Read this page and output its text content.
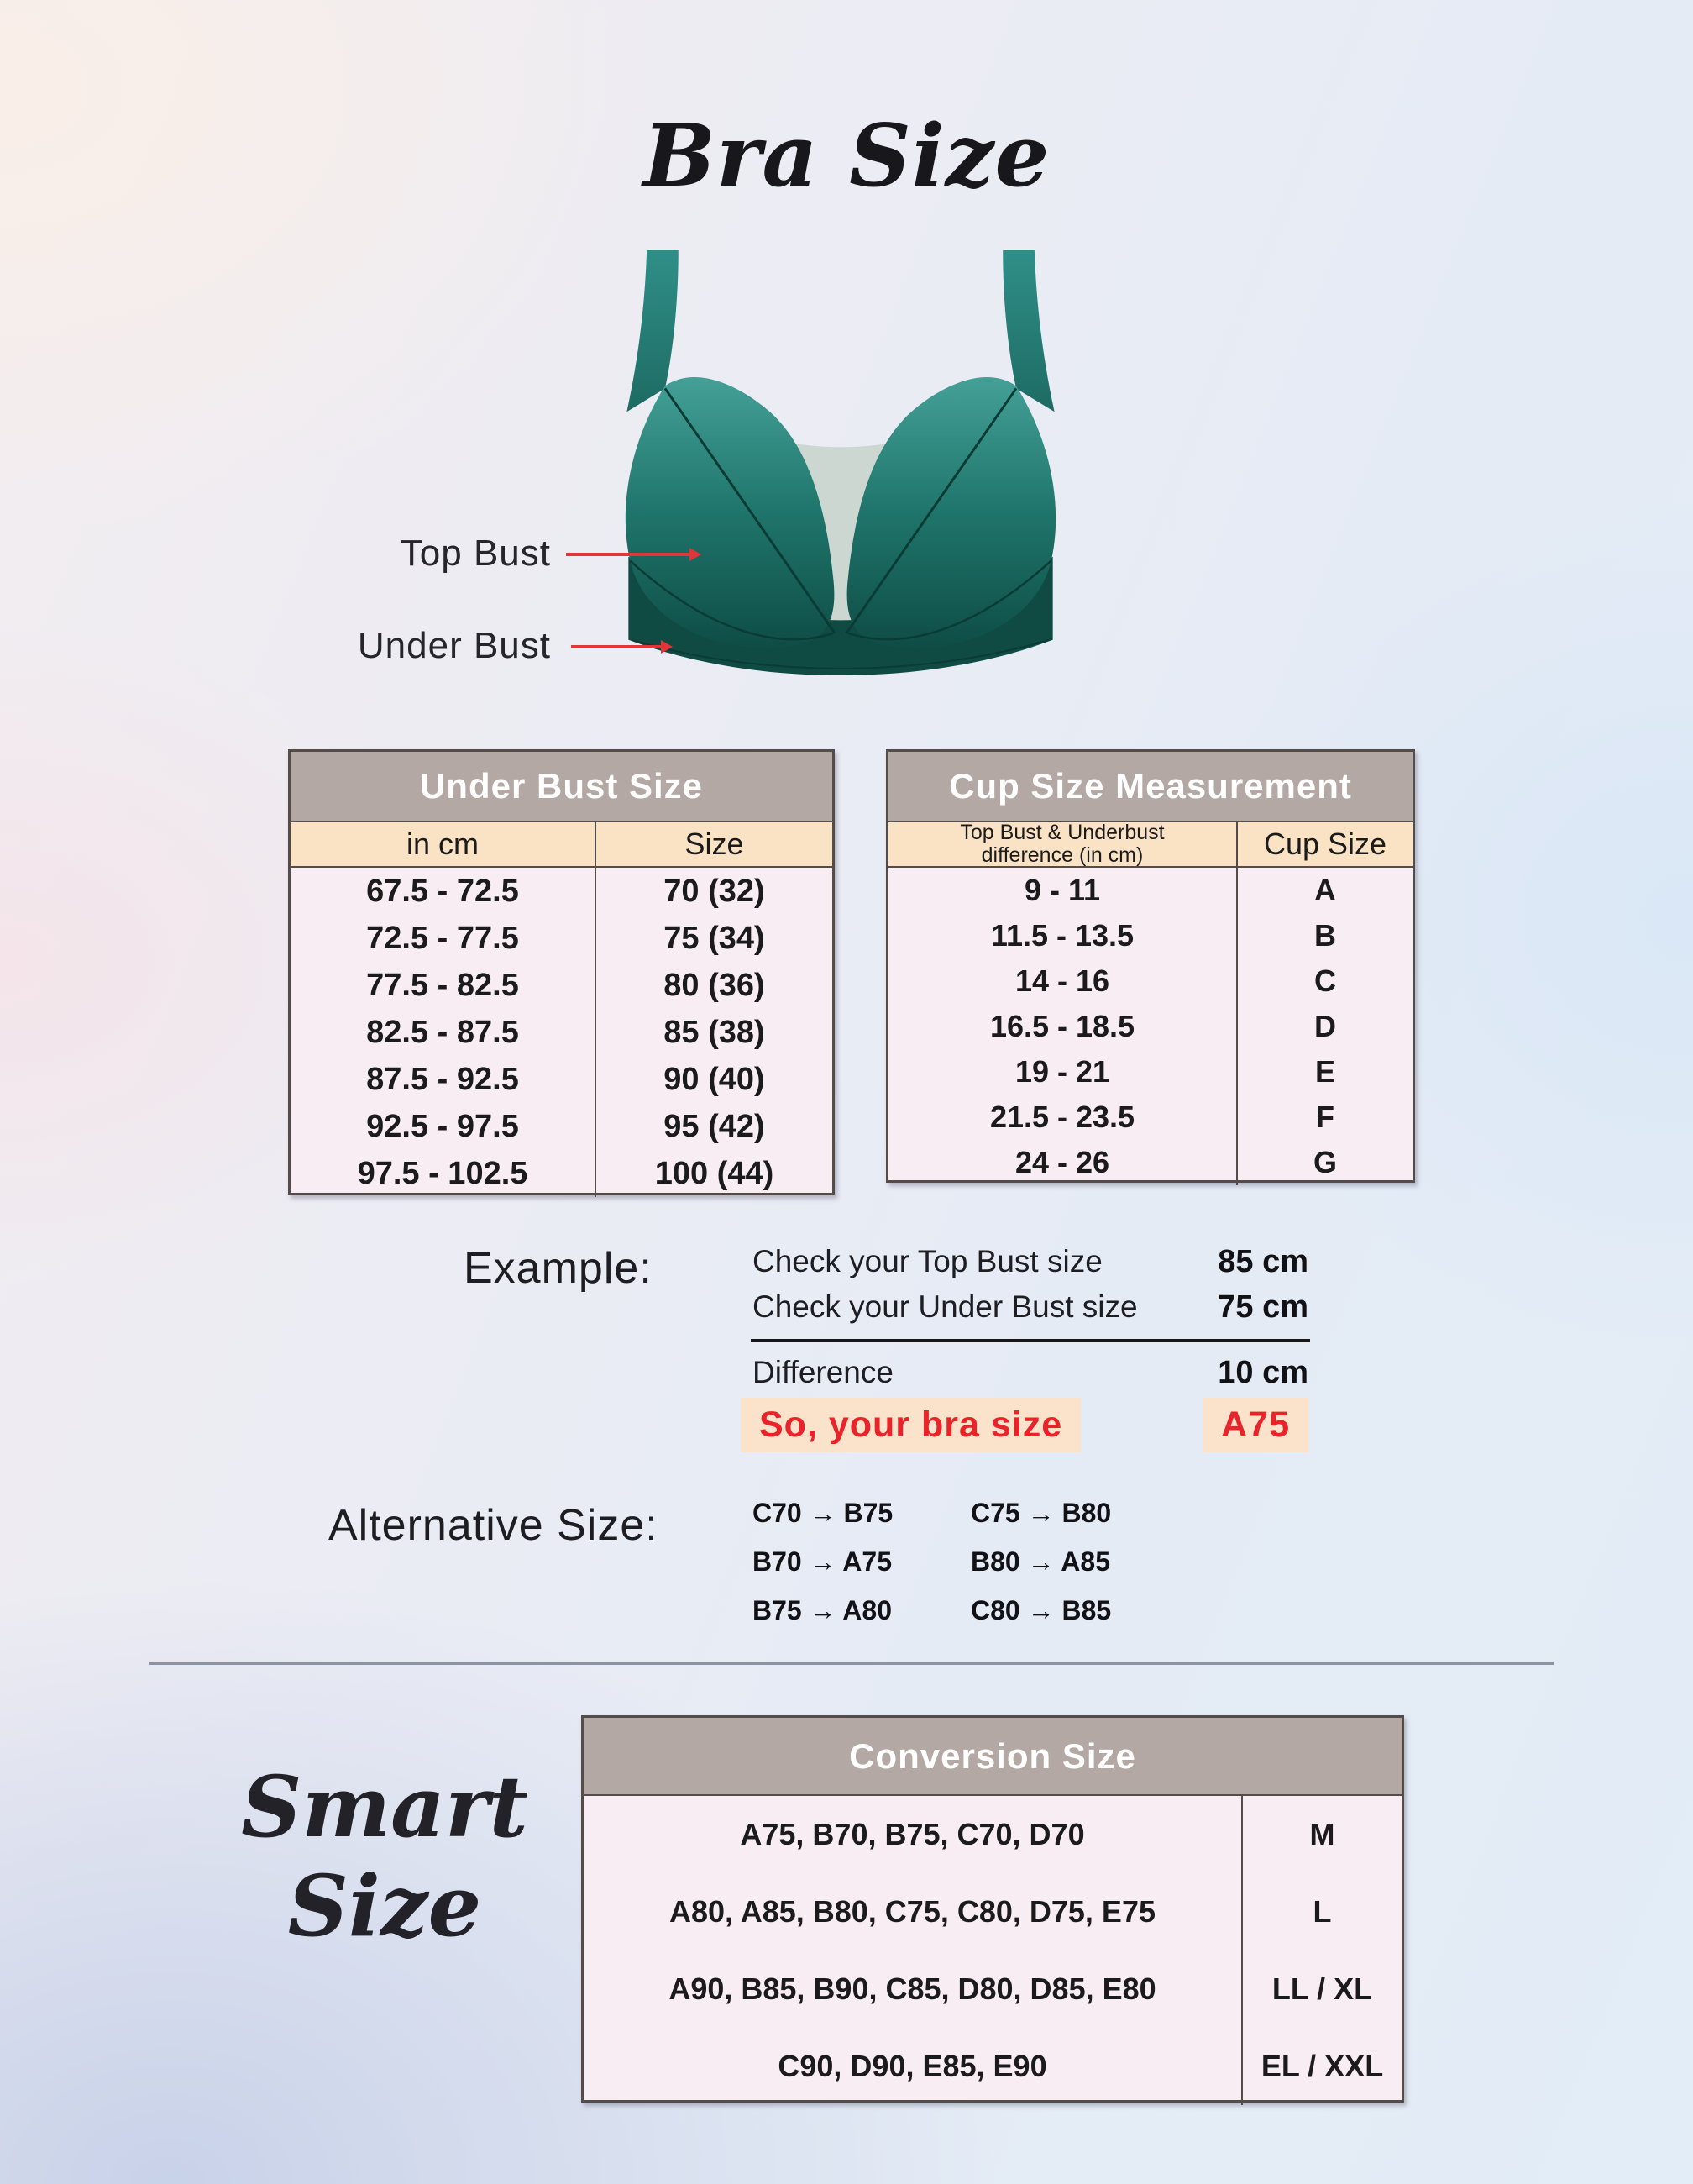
Bra Size
Top Bust
Under Bust
Under Bust Size
in cm	Size
67.5 - 72.5	70 (32)
72.5 - 77.5	75 (34)
77.5 - 82.5	80 (36)
82.5 - 87.5	85 (38)
87.5 - 92.5	90 (40)
92.5 - 97.5	95 (42)
97.5 - 102.5	100 (44)
Cup Size Measurement
Top Bust & Underbust
difference (in cm)	Cup Size
9 - 11	A
11.5 - 13.5	B
14 - 16	C
16.5 - 18.5	D
19 - 21	E
21.5 - 23.5	F
24 - 26	G
Example:	Check your Top Bust size	85 cm
Check your Under Bust size	75 cm
Difference	10 cm
So, your bra size	A75
Alternative Size:	C70 → B75	C75 → B80
B70 → A75	B80 → A85
B75 → A80	C80 → B85
Smart
Size
Conversion Size
A75, B70, B75, C70, D70	M
A80, A85, B80, C75, C80, D75, E75	L
A90, B85, B90, C85, D80, D85, E80	LL / XL
C90, D90, E85, E90	EL / XXL
